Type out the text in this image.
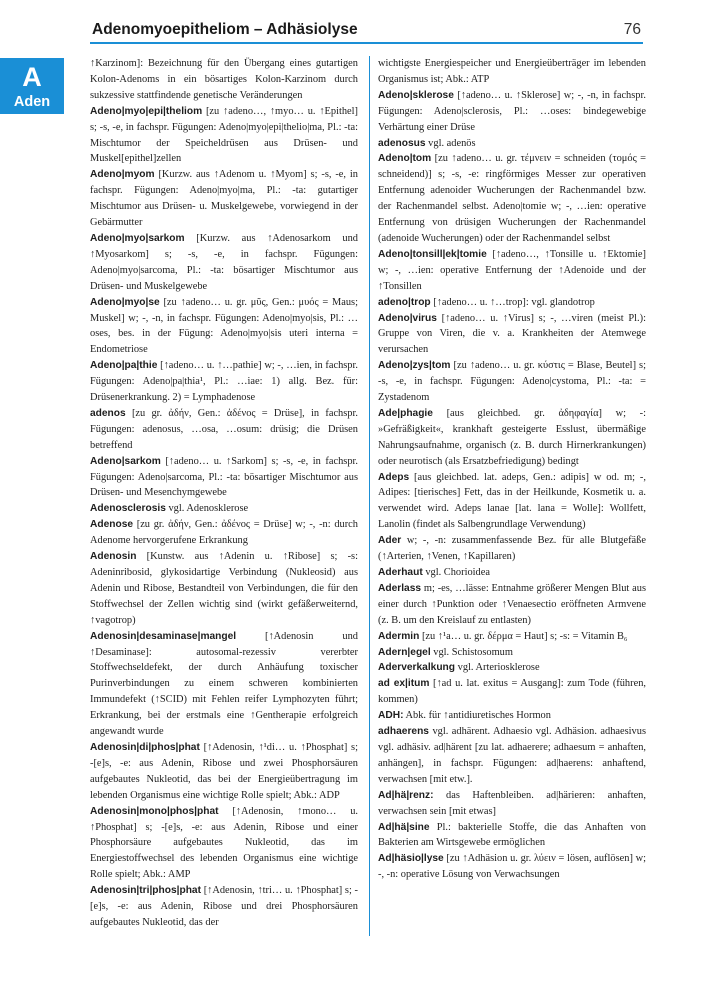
Adenomyoepitheliom – Adhäsiolyse	76
A
Aden

↑Karzinom]: Bezeichnung für den Übergang eines gutartigen Kolon-Adenoms in ein bösartiges Kolon-Karzinom durch sukzessive stattfindende genetische Veränderungen

Adeno|myo|epi|theliom [zu ↑adeno…, ↑myo… u. ↑Epithel] s; -s, -e, in fachspr. Fügungen: Adeno|myo|epi|thelio|ma, Pl.: -ta: Mischtumor der Speicheldrüsen aus Drüsen- und Muskel[epithel]zellen

Adeno|myom [Kurzw. aus ↑Adenom u. ↑Myom] s; -s, -e, in fachspr. Fügungen: Adeno|myo|ma, Pl.: -ta: gutartiger Mischtumor aus Drüsen- u. Muskelgewebe, vorwiegend in der Gebärmutter

Adeno|myo|sarkom [Kurzw. aus ↑Adenosarkom und ↑Myosarkom] s; -s, -e, in fachspr. Fügungen: Adeno|myo|sarcoma, Pl.: -ta: bösartiger Mischtumor aus Drüsen- und Muskelgewebe

Adeno|myo|se [zu ↑adeno… u. gr. μῦς, Gen.: μυός = Maus; Muskel] w; -, -n, in fachspr. Fügungen: Adeno|myo|sis, Pl.: …oses, bes. in der Fügung: Adeno|myo|sis uteri interna = Endometriose

Adeno|pa|thie [↑adeno… u. ↑…pathie] w; -, …ien, in fachspr. Fügungen: Adeno|pa|thia¹, Pl.: …iae: 1) allg. Bez. für: Drüsenerkrankung. 2) = Lymphadenose

adenos [zu gr. ἀδήν, Gen.: ἀδένος = Drüse], in fachspr. Fügungen: adenosus, …osa, …osum: drüsig; die Drüsen betreffend

Adeno|sarkom [↑adeno… u. ↑Sarkom] s; -s, -e, in fachspr. Fügungen: Adeno|sarcoma, Pl.: -ta: bösartiger Mischtumor aus Drüsen- und Mesenchymgewebe

Adenosclerosis vgl. Adenosklerose

Adenose [zu gr. ἀδήν, Gen.: ἀδένος = Drüse] w; -, -n: durch Adenome hervorgerufene Erkrankung

Adenosin [Kunstw. aus ↑Adenin u. ↑Ribose] s; -s: Adeninribosid, glykosidartige Verbindung (Nukleosid) aus Adenin und Ribose, Bestandteil von Verbindungen, die für den Stoffwechsel der Zellen wichtig sind (wirkt gefäßerweiternd, ↑vagotrop)

Adenosin|desaminase|mangel	[↑Adenosin und ↑Desaminase]: autosomal-rezessiv vererbter Stoffwechseldefekt, der durch Anhäufung toxischer Purinverbindungen zu einem schweren kombinierten Immundefekt (↑SCID) mit Fehlen reifer Lymphozyten führt; Erkrankung, bei der erstmals eine ↑Gentherapie erfolgreich angewandt wurde

Adenosin|di|phos|phat [↑Adenosin, ↑¹di… u. ↑Phosphat] s; -[e]s, -e: aus Adenin, Ribose und zwei Phosphorsäuren aufgebautes Nukleotid, das bei der Energieübertragung im lebenden Organismus eine wichtige Rolle spielt; Abk.: ADP

Adenosin|mono|phos|phat [↑Adenosin, ↑mono… u. ↑Phosphat] s; -[e]s, -e: aus Adenin, Ribose und einer Phosphorsäure aufgebautes Nukleotid, das im Energiestoffwechsel des lebenden Organismus eine wichtige Rolle spielt; Abk.: AMP

Adenosin|tri|phos|phat [↑Adenosin, ↑tri… u. ↑Phosphat] s; -[e]s, -e: aus Adenin, Ribose und drei Phosphorsäuren aufgebautes Nukleotid, das der

wichtigste Energiespeicher und Energieüberträger im lebenden Organismus ist; Abk.: ATP

Adeno|sklerose [↑adeno… u. ↑Sklerose] w; -, -n, in fachspr. Fügungen: Adeno|sclerosis, Pl.: …oses: bindegewebige Verhärtung einer Drüse

adenosus vgl. adenös

Adeno|tom [zu ↑adeno… u. gr. τέμνειν = schneiden (τομός = schneidend)] s; -s, -e: ringförmiges Messer zur operativen Entfernung adenoider Wucherungen der Rachenmandel bzw. der Rachenmandel selbst. Adeno|tomie w; -, …ien: operative Entfernung von drüsigen Wucherungen der Rachenmandel (adenoide Wucherungen) oder der Rachenmandel selbst

Adeno|tonsill|ek|tomie [↑adeno…, ↑Tonsille u. ↑Ektomie] w; -, …ien: operative Entfernung der ↑Adenoide und der ↑Tonsillen

adeno|trop [↑adeno… u. ↑…trop]: vgl. glandotrop

Adeno|virus [↑adeno… u. ↑Virus] s; -, …viren (meist Pl.): Gruppe von Viren, die v. a. Krankheiten der Atemwege verursachen

Adeno|zys|tom [zu ↑adeno… u. gr. κύστις = Blase, Beutel] s; -s, -e, in fachspr. Fügungen: Adeno|cystoma, Pl.: -ta: = Zystadenom

Ade|phagie [aus gleichbed. gr. ἀδηφαγία] w; -: »Gefräßigkeit«, krankhaft gesteigerte Esslust, übermäßige Nahrungsaufnahme, organisch (z. B. durch Hirnerkrankungen) oder neurotisch (als Ersatzbefriedigung) bedingt

Adeps [aus gleichbed. lat. adeps, Gen.: adipis] w od. m; -, Adipes: [tierisches] Fett, das in der Heilkunde, Kosmetik u. a. verwendet wird. Adeps lanae [lat. lana = Wolle]: Wollfett, Lanolin (findet als Salbengrundlage Verwendung)

Ader w; -, -n: zusammenfassende Bez. für alle Blutgefäße (↑Arterien, ↑Venen, ↑Kapillaren)

Aderhaut vgl. Chorioidea

Aderlass m; -es, …lässe: Entnahme größerer Mengen Blut aus einer durch ↑Punktion oder ↑Venaesectio eröffneten Armvene (z. B. um den Kreislauf zu entlasten)

Adermin [zu ↑¹a… u. gr. δέρμα = Haut] s; -s: = Vitamin B₆

Adern|egel vgl. Schistosomum

Aderverkalkung vgl. Arteriosklerose

ad ex|itum [↑ad u. lat. exitus = Ausgang]: zum Tode (führen, kommen)

ADH: Abk. für ↑antidiuretisches Hormon

adhaerens vgl. adhärent. Adhaesio vgl. Adhäsion. adhaesivus vgl. adhäsiv. ad|härent [zu lat. adhaerere; adhaesum = anhaften, anhängen], in fachspr. Fügungen: ad|haerens: anhaftend, verwachsen [mit etw.].

Ad|hä|renz: das Haftenbleiben. ad|härieren: anhaften, verwachsen sein [mit etwas]

Ad|hä|sine Pl.: bakterielle Stoffe, die das Anhaften von Bakterien am Wirtsgewebe ermöglichen

Ad|häsio|lyse [zu ↑Adhäsion u. gr. λύειν = lösen, auflösen] w; -, -n: operative Lösung von Verwachsungen
